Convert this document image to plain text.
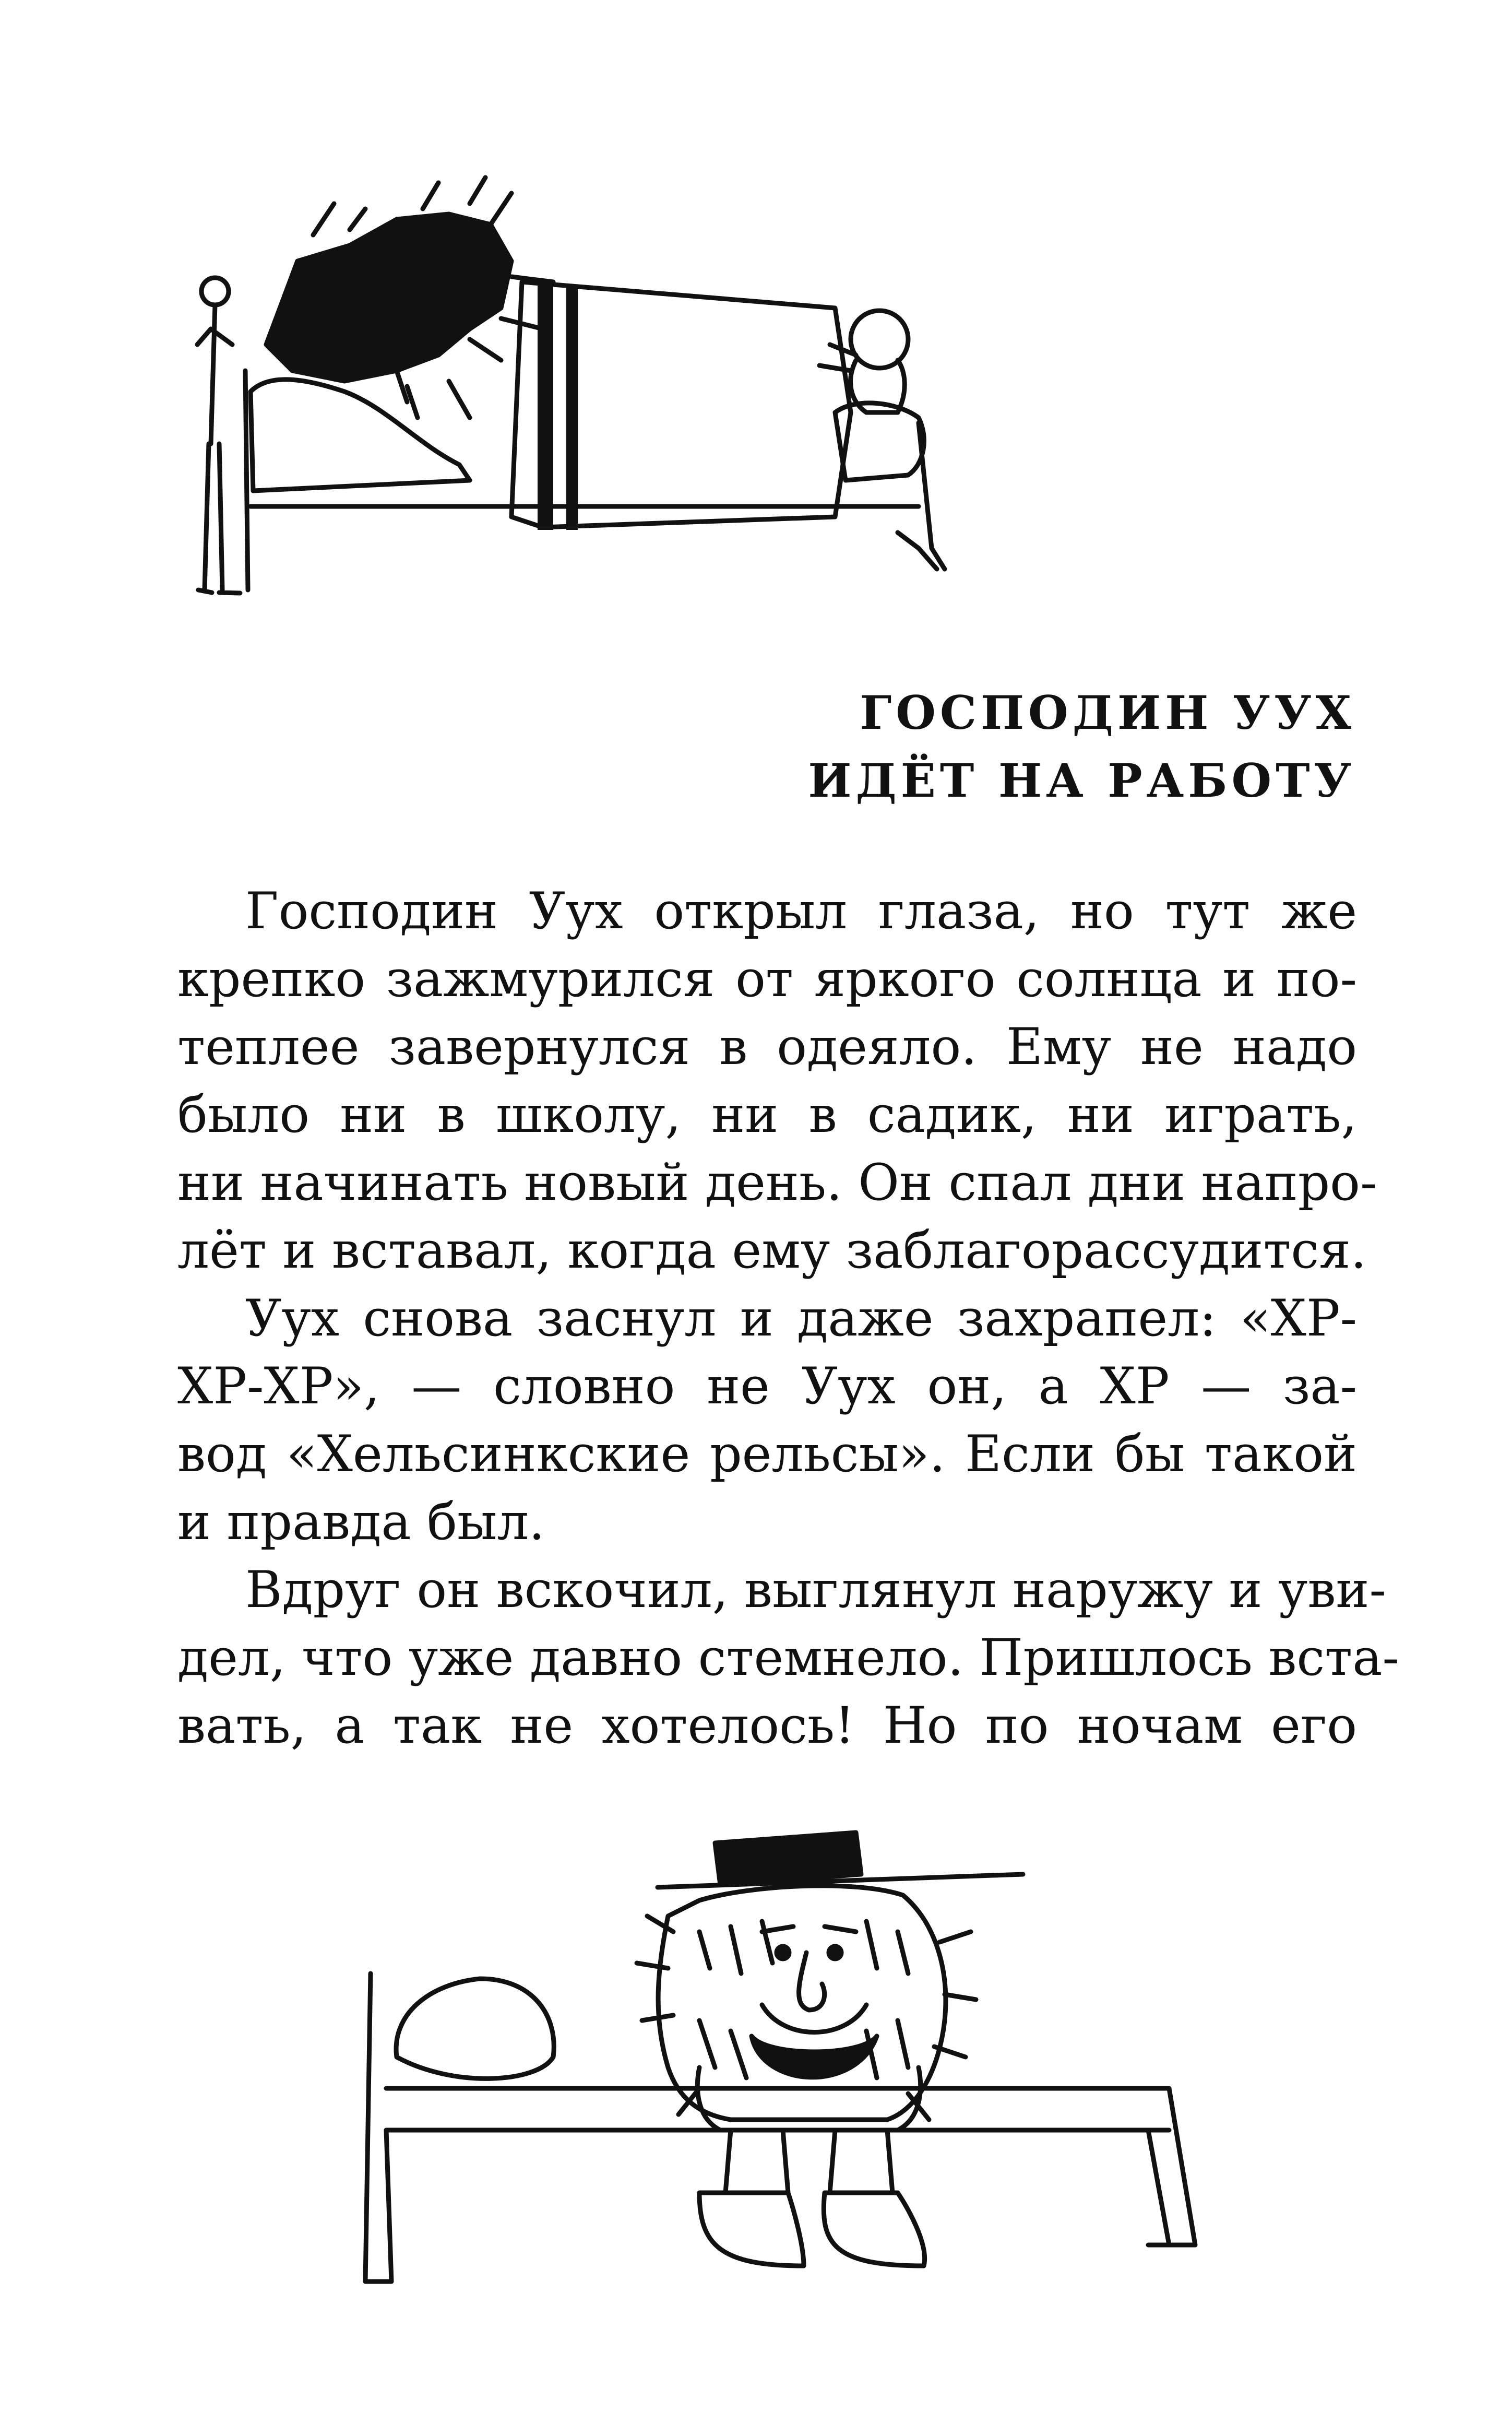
ГОСПОДИН УУХ
ИДЁТ НА РАБОТУ
Господин Уух открыл глаза, но тут же
крепко зажмурился от яркого солнца и по-
теплее завернулся в одеяло. Ему не надо
было ни в школу, ни в садик, ни играть,
ни начинать новый день. Он спал дни напро-
лёт и вставал, когда ему заблагорассудится.
Уух снова заснул и даже захрапел: «ХР-
ХР-ХР», — словно не Уух он, а ХР — за-
вод «Хельсинкские рельсы». Если бы такой
и правда был.
Вдруг он вскочил, выглянул наружу и уви-
дел, что уже давно стемнело. Пришлось вста-
вать, а так не хотелось! Но по ночам его
